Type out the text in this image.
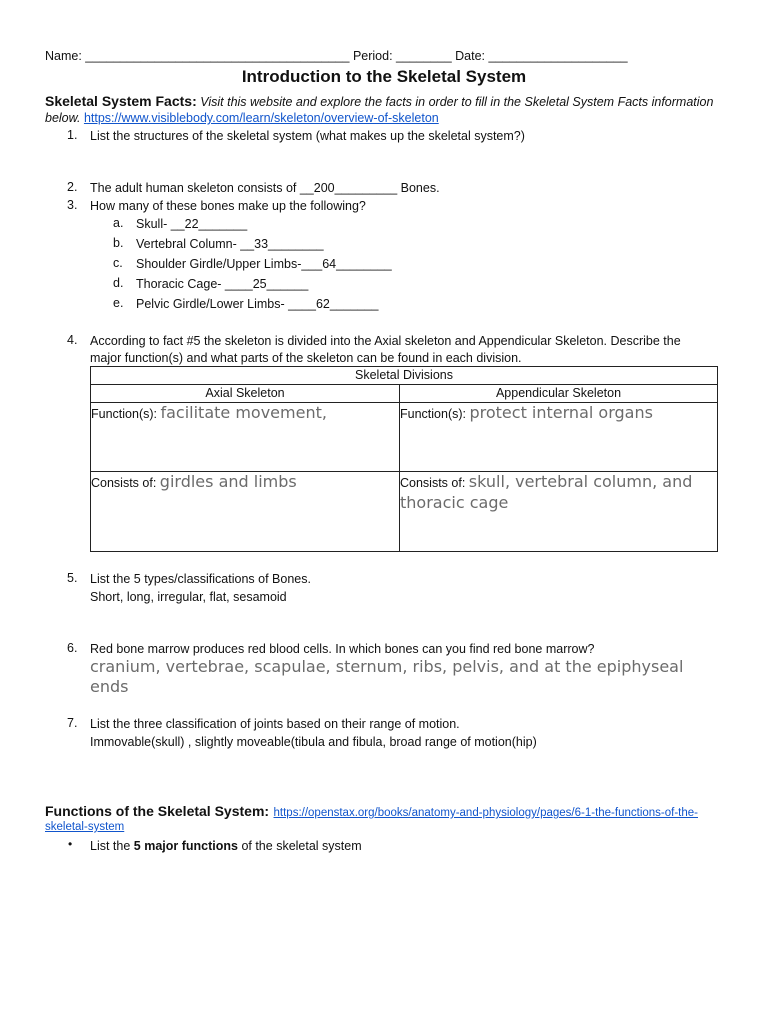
Name: ______________________________________ Period: ________ Date: ____________________
Introduction to the Skeletal System
Skeletal System Facts: Visit this website and explore the facts in order to fill in the Skeletal System Facts information
below. https://www.visiblebody.com/learn/skeleton/overview-of-skeleton
1. List the structures of the skeletal system (what makes up the skeletal system?)
2. The adult human skeleton consists of __200_________ Bones.
3. How many of these bones make up the following?
a. Skull- __22_______
b. Vertebral Column- __33________
c. Shoulder Girdle/Upper Limbs-___64________
d. Thoracic Cage- ____25______
e. Pelvic Girdle/Lower Limbs- ____62_______
4. According to fact #5 the skeleton is divided into the Axial skeleton and Appendicular Skeleton. Describe the
major function(s) and what parts of the skeleton can be found in each division.
Skeletal Divisions	
Axial Skeleton	Appendicular Skeleton
Function(s): facilitate movement,	Function(s): protect internal organs
Consists of: girdles and limbs	Consists of: skull, vertebral column, and thoracic cage
5. List the 5 types/classifications of Bones.
Short, long, irregular, flat, sesamoid
6. Red bone marrow produces red blood cells. In which bones can you find red bone marrow?
cranium, vertebrae, scapulae, sternum, ribs, pelvis, and at the epiphyseal
ends
7. List the three classification of joints based on their range of motion.
Immovable(skull) , slightly moveable(tibula and fibula, broad range of motion(hip)
Functions of the Skeletal System: https://openstax.org/books/anatomy-and-physiology/pages/6-1-the-functions-of-the-
skeletal-system
• List the 5 major functions of the skeletal system
